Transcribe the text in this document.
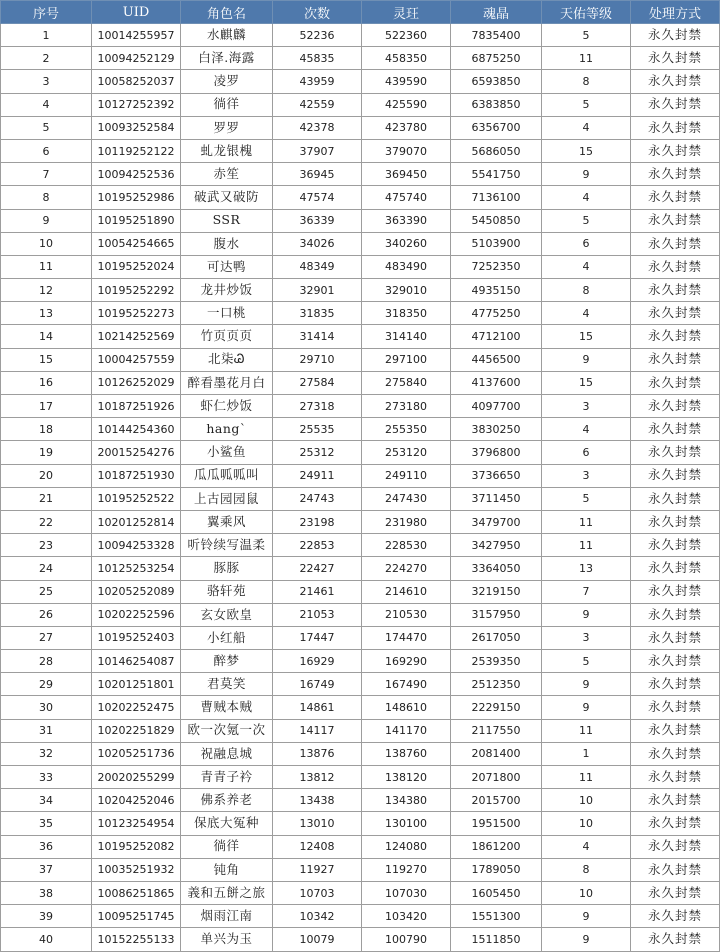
序号	UID	角色名	次数	灵玨	魂晶	天佑等级	处理方式
1	10014255957	水麒麟	52236	522360	7835400	5	永久封禁
2	10094252129	白泽.海露	45835	458350	6875250	11	永久封禁
3	10058252037	凌罗	43959	439590	6593850	8	永久封禁
4	10127252392	徜徉	42559	425590	6383850	5	永久封禁
5	10093252584	罗罗	42378	423780	6356700	4	永久封禁
6	10119252122	虬龙银槐	37907	379070	5686050	15	永久封禁
7	10094252536	赤笙	36945	369450	5541750	9	永久封禁
8	10195252986	破武又破防	47574	475740	7136100	4	永久封禁
9	10195251890	SSR	36339	363390	5450850	5	永久封禁
10	10054254665	腹水	34026	340260	5103900	6	永久封禁
11	10195252024	可达鸭	48349	483490	7252350	4	永久封禁
12	10195252292	龙井炒饭	32901	329010	4935150	8	永久封禁
13	10195252273	一口桃	31835	318350	4775250	4	永久封禁
14	10214252569	竹页页页	31414	314140	4712100	15	永久封禁
15	10004257559	北柒Ꮚ	29710	297100	4456500	9	永久封禁
16	10126252029	醉看墨花月白	27584	275840	4137600	15	永久封禁
17	10187251926	虾仁炒饭	27318	273180	4097700	3	永久封禁
18	10144254360	hang`	25535	255350	3830250	4	永久封禁
19	20015254276	小鲨鱼	25312	253120	3796800	6	永久封禁
20	10187251930	瓜瓜呱呱叫	24911	249110	3736650	3	永久封禁
21	10195252522	上古园园鼠	24743	247430	3711450	5	永久封禁
22	10201252814	翼乘风	23198	231980	3479700	11	永久封禁
23	10094253328	听铃续写温柔	22853	228530	3427950	11	永久封禁
24	10125253254	豚豚	22427	224270	3364050	13	永久封禁
25	10205252089	骆轩苑	21461	214610	3219150	7	永久封禁
26	10202252596	玄女欧皇	21053	210530	3157950	9	永久封禁
27	10195252403	小红船	17447	174470	2617050	3	永久封禁
28	10146254087	醉梦	16929	169290	2539350	5	永久封禁
29	10201251801	君莫笑	16749	167490	2512350	9	永久封禁
30	10202252475	曹贼本贼	14861	148610	2229150	9	永久封禁
31	10202251829	欧一次氪一次	14117	141170	2117550	11	永久封禁
32	10205251736	祝融息城	13876	138760	2081400	1	永久封禁
33	20020255299	青青子衿	13812	138120	2071800	11	永久封禁
34	10204252046	佛系养老	13438	134380	2015700	10	永久封禁
35	10123254954	保底大冤种	13010	130100	1951500	10	永久封禁
36	10195252082	徜徉	12408	124080	1861200	4	永久封禁
37	10035251932	钝角	11927	119270	1789050	8	永久封禁
38	10086251865	義和五餅之旅	10703	107030	1605450	10	永久封禁
39	10095251745	烟雨江南	10342	103420	1551300	9	永久封禁
40	10152255133	单兴为玉	10079	100790	1511850	9	永久封禁
